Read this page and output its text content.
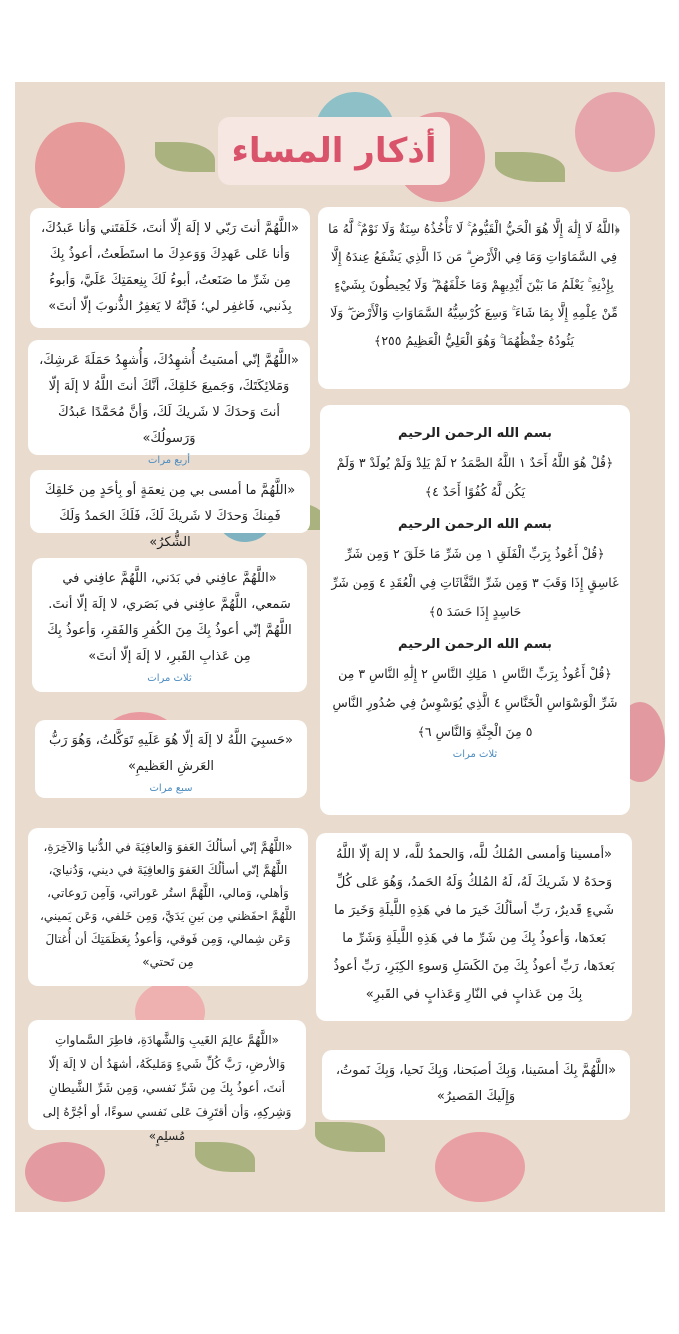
أذكار المساء
﴿اللَّهُ لَا إِلَٰهَ إِلَّا هُوَ الْحَيُّ الْقَيُّومُ ۚ لَا تَأْخُذُهُ سِنَةٌ وَلَا نَوْمٌ ۚ لَّهُ مَا فِي السَّمَاوَاتِ وَمَا فِي الْأَرْضِ ۗ مَن ذَا الَّذِي يَشْفَعُ عِندَهُ إِلَّا بِإِذْنِهِ ۚ يَعْلَمُ مَا بَيْنَ أَيْدِيهِمْ وَمَا خَلْفَهُمْ ۖ وَلَا يُحِيطُونَ بِشَيْءٍ مِّنْ عِلْمِهِ إِلَّا بِمَا شَاءَ ۚ وَسِعَ كُرْسِيُّهُ السَّمَاوَاتِ وَالْأَرْضَ ۖ وَلَا يَئُودُهُ حِفْظُهُمَا ۚ وَهُوَ الْعَلِيُّ الْعَظِيمُ ٢٥٥﴾
بسم الله الرحمن الرحيم
﴿قُلْ هُوَ اللَّهُ أَحَدٌ ١ اللَّهُ الصَّمَدُ ٢ لَمْ يَلِدْ وَلَمْ يُولَدْ ٣ وَلَمْ يَكُن لَّهُ كُفُوًا أَحَدٌ ٤﴾
بسم الله الرحمن الرحيم
﴿قُلْ أَعُوذُ بِرَبِّ الْفَلَقِ ١ مِن شَرِّ مَا خَلَقَ ٢ وَمِن شَرِّ غَاسِقٍ إِذَا وَقَبَ ٣ وَمِن شَرِّ النَّفَّاثَاتِ فِي الْعُقَدِ ٤ وَمِن شَرِّ حَاسِدٍ إِذَا حَسَدَ ٥﴾
بسم الله الرحمن الرحيم
﴿قُلْ أَعُوذُ بِرَبِّ النَّاسِ ١ مَلِكِ النَّاسِ ٢ إِلَٰهِ النَّاسِ ٣ مِن شَرِّ الْوَسْوَاسِ الْخَنَّاسِ ٤ الَّذِي يُوَسْوِسُ فِي صُدُورِ النَّاسِ ٥ مِنَ الْجِنَّةِ وَالنَّاسِ ٦﴾
ثلاث مرات
«أمسينا وَأمسى المُلكُ للَّه، وَالحمدُ للَّه، لا إلهَ إلّا اللَّهُ وَحدَهُ لا شَريكَ لَهُ، لَهُ المُلكُ وَلَهُ الحَمدُ، وَهُوَ عَلى كُلِّ شَيءٍ قَديرٌ، رَبِّ أسألُكَ خَيرَ ما في هَذِهِ اللَّيلَةِ وَخَيرَ ما بَعدَها، وَأعوذُ بِكَ مِن شَرِّ ما في هَذِهِ اللَّيلَةِ وَشَرِّ ما بَعدَها، رَبِّ أعوذُ بِكَ مِنَ الكَسَلِ وَسوءِ الكِبَرِ، رَبِّ أعوذُ بِكَ مِن عَذابٍ في النّارِ وَعَذابٍ في القَبرِ»
«اللَّهُمَّ بِكَ أمسَينا، وَبِكَ أصبَحنا، وَبِكَ نَحيا، وَبِكَ نَموتُ، وَإِلَيكَ المَصيرُ»
«اللَّهُمَّ أنتَ رَبّي لا إلَهَ إلّا أنتَ، خَلَقتَني وَأنا عَبدُكَ، وَأنا عَلى عَهدِكَ وَوَعدِكَ ما استَطَعتُ، أعوذُ بِكَ مِن شَرِّ ما صَنَعتُ، أبوءُ لَكَ بِنِعمَتِكَ عَلَيَّ، وَأبوءُ بِذَنبي، فَاغفِر لي؛ فَإنَّهُ لا يَغفِرُ الذُّنوبَ إلّا أنتَ»
«اللَّهُمَّ إنّي أمسَيتُ أُشهِدُكَ، وَأُشهِدُ حَمَلَةَ عَرشِكَ، وَمَلائِكَتَكَ، وَجَميعَ خَلقِكَ، أنَّكَ أنتَ اللَّهُ لا إلَهَ إلّا أنتَ وَحدَكَ لا شَريكَ لَكَ، وَأنَّ مُحَمَّدًا عَبدُكَ وَرَسولُكَ»
أربع مرات
«اللَّهُمَّ ما أمسى بي مِن نِعمَةٍ أو بِأحَدٍ مِن خَلقِكَ فَمِنكَ وَحدَكَ لا شَريكَ لَكَ، فَلَكَ الحَمدُ وَلَكَ الشُّكرُ»
«اللَّهُمَّ عافِني في بَدَني، اللَّهُمَّ عافِني في سَمعي، اللَّهُمَّ عافِني في بَصَري، لا إلَهَ إلّا أنتَ. اللَّهُمَّ إنّي أعوذُ بِكَ مِنَ الكُفرِ وَالفَقرِ، وَأعوذُ بِكَ مِن عَذابِ القَبرِ، لا إلَهَ إلّا أنتَ»
ثلاث مرات
«حَسبِيَ اللَّهُ لا إلَهَ إلّا هُوَ عَلَيهِ تَوَكَّلتُ، وَهُوَ رَبُّ العَرشِ العَظيمِ»
سبع مرات
«اللَّهُمَّ إنّي أسألُكَ العَفوَ وَالعافِيَةَ في الدُّنيا وَالآخِرَةِ، اللَّهُمَّ إنّي أسألُكَ العَفوَ وَالعافِيَةَ في ديني، وَدُنيايَ، وَأهلي، وَمالي، اللَّهُمَّ استُر عَوراتي، وَآمِن رَوعاتي، اللَّهُمَّ احفَظني مِن بَينِ يَدَيَّ، وَمِن خَلفي، وَعَن يَميني، وَعَن شِمالي، وَمِن فَوقي، وَأعوذُ بِعَظَمَتِكَ أن أُغتالَ مِن تَحتي»
«اللَّهُمَّ عالِمَ الغَيبِ وَالشَّهادَةِ، فاطِرَ السَّماواتِ وَالأرضِ، رَبَّ كُلِّ شَيءٍ وَمَليكَهُ، أشهَدُ أن لا إلَهَ إلّا أنتَ، أعوذُ بِكَ مِن شَرِّ نَفسي، وَمِن شَرِّ الشَّيطانِ وَشِركِهِ، وَأن أقتَرِفَ عَلى نَفسي سوءًا، أو أجُرَّهُ إلى مُسلِمٍ»
